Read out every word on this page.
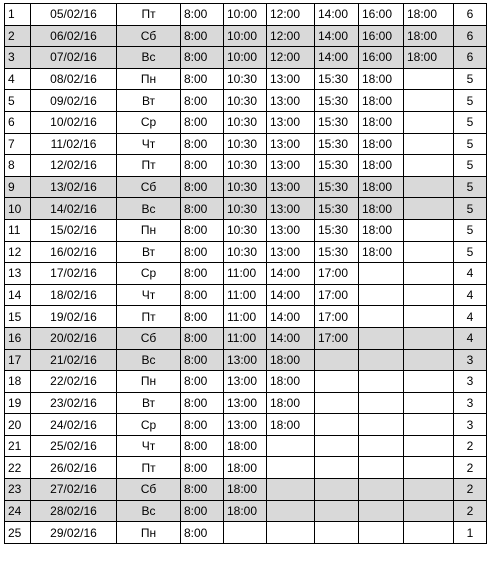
1	05/02/16	Пт	8:00	10:00	12:00	14:00	16:00	18:00	6
2	06/02/16	Сб	8:00	10:00	12:00	14:00	16:00	18:00	6
3	07/02/16	Вс	8:00	10:00	12:00	14:00	16:00	18:00	6
4	08/02/16	Пн	8:00	10:30	13:00	15:30	18:00		5
5	09/02/16	Вт	8:00	10:30	13:00	15:30	18:00		5
6	10/02/16	Ср	8:00	10:30	13:00	15:30	18:00		5
7	11/02/16	Чт	8:00	10:30	13:00	15:30	18:00		5
8	12/02/16	Пт	8:00	10:30	13:00	15:30	18:00		5
9	13/02/16	Сб	8:00	10:30	13:00	15:30	18:00		5
10	14/02/16	Вс	8:00	10:30	13:00	15:30	18:00		5
11	15/02/16	Пн	8:00	10:30	13:00	15:30	18:00		5
12	16/02/16	Вт	8:00	10:30	13:00	15:30	18:00		5
13	17/02/16	Ср	8:00	11:00	14:00	17:00			4
14	18/02/16	Чт	8:00	11:00	14:00	17:00			4
15	19/02/16	Пт	8:00	11:00	14:00	17:00			4
16	20/02/16	Сб	8:00	11:00	14:00	17:00			4
17	21/02/16	Вс	8:00	13:00	18:00				3
18	22/02/16	Пн	8:00	13:00	18:00				3
19	23/02/16	Вт	8:00	13:00	18:00				3
20	24/02/16	Ср	8:00	13:00	18:00				3
21	25/02/16	Чт	8:00	18:00					2
22	26/02/16	Пт	8:00	18:00					2
23	27/02/16	Сб	8:00	18:00					2
24	28/02/16	Вс	8:00	18:00					2
25	29/02/16	Пн	8:00						1
